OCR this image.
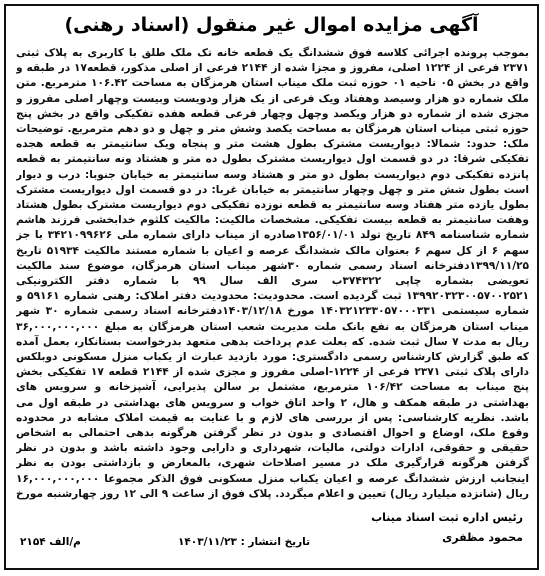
آگهی مزایده اموال غیر منقول (اسناد رهنی)
بموجب پرونده اجرائی کلاسه فوق ششدانگ یک قطعه خانه تک ملک طلق با کاربری به پلاک ثبتی ۲۳۷۱ فرعی از ۱۲۲۴ اصلی، مفروز و مجزا شده از ۲۱۴۴ فرعی از اصلی مذکور، قطعه۱۷ در طبقه و واقع در بخش ۰۵ ناحیه ۰۱ حوزه ثبت ملک میناب استان هرمزگان به مساحت ۱۰۶.۴۲ مترمربع. متن ملک شماره دو هزار وسیصد وهفتاد ویک فرعی از یک هزار ودویست وبیست وچهار اصلی مفروز و مجزی شده از شماره دو هزار ویکصد وچهل وچهار فرعی قطعه هفده تفکیکی واقع در بخش پنج حوزه ثبتی میناب استان هرمزگان به مساحت یکصد وشش متر و چهل و دو دهم مترمربع. توضیحات ملک: حدود: شمالا: دیواریست مشترک بطول هشت متر و پنجاه ویک سانتیمتر به قطعه هجده تفکیکی شرقا: در دو قسمت اول دیواریست مشترک بطول ده متر و هشتاد ونه سانتیمتر به قطعه پانزده تفکیکی دوم دیواریست بطول دو متر و هشتاد وسه سانتیمتر به خیابان جنوبا: درب و دیوار است بطول شش متر و چهل وچهار سانتیمتر به خیابان غربا: در دو قسمت اول دیواریست مشترک بطول یازده متر هفتاد وسه سانتیمتر به قطعه نوزده تفکیکی دوم دیواریست مشترک بطول هشتاد وهفت سانتیمتر به قطعه بیست تفکیکی. مشخصات مالکیت: مالکیت کلثوم خدابخشی فرزند هاشم شماره شناسنامه ۸۴۹ تاریخ تولد ۱۳۵۶/۰۱/۰۱صادره از میناب دارای شماره ملی ۳۴۲۱۰۹۹۶۲۶ با جز سهم ۶ از کل سهم ۶ بعنوان مالک ششدانگ عرصه و اعیان با شماره مستند مالکیت ۵۱۹۳۴ تاریخ ۱۳۹۹/۱۱/۲۵دفترخانه اسناد رسمی شماره ۳۰شهر میناب استان هرمزگان، موضوع سند مالکیت تعویضی بشماره چاپی ۳۷۴۳۲۲ب سری الف سال ۹۹ با شماره دفتر الکترونیکی ۱۳۹۹۲۰۳۲۳۰۰۵۷۰۰۲۵۲۱ ثبت گردیده است. محدودیت: محدودیت دفتر املاک: رهنی شماره ۵۹۱۶۱ و شماره سیستمی ۱۴۰۳۲۱۲۳۳۰۵۷۰۰۰۳۳۱ مورخ ۱۴۰۳/۱۲/۱۸دفترخانه اسناد رسمی شماره ۳۰ شهر میناب استان هرمزگان به نفع بانک ملت مدیریت شعب استان هرمزگان به مبلغ ۳۶,۰۰۰,۰۰۰,۰۰۰ ریال به مدت ۷ سال ثبت شده. که بعلت عدم پرداخت بدهی متعهد بدرخواست بستانکار، بعمل آمده که طبق گزارش کارشناس رسمی دادگستری: مورد بازدید عبارت از یکباب منزل مسکونی دوبلکس دارای پلاک ثبتی ۲۳۷۱ فرعی از ۱۲۲۴-اصلی مفروز و مجزی شده از ۲۱۴۴ قطعه ۱۷ تفکیکی بخش پنج میناب به مساحت ۱۰۶/۴۲ مترمربع، مشتمل بر سالن پذیرایی، آشپزخانه و سرویس های بهداشتی در طبقه همکف و هال، ۲ واحد اتاق خواب و سرویس های بهداشتی در طبقه اول می باشد. نظریه کارشناسی: پس از بررسی های لازم و با عنایت به قیمت املاک مشابه در محدوده وقوع ملک، اوضاع و احوال اقتصادی و بدون در نظر گرفتن هرگونه بدهی احتمالی به اشخاص حقیقی و حقوقی، ادارات دولتی، مالیات، شهرداری و دارایی وجود داشته باشد و بدون در نظر گرفتن هرگونه قرارگیری ملک در مسیر اصلاحات شهری، بالمعارض و بازداشتی بودن به نظر اینجانب ارزش ششدانگ عرصه و اعیان یکباب منزل مسکونی فوق الذکر مجموعا ۱۶,۰۰۰,۰۰۰,۰۰۰ ریال (شانزده میلیارد ریال) تعیین و اعلام میگردد. پلاک فوق از ساعت ۹ الی ۱۲ روز چهارشنبه مورخ
رئیس اداره ثبت اسناد میناب
محمود مظفری
تاریخ انتشار : ۱۴۰۳/۱۱/۲۳
م/الف ۲۱۵۴
